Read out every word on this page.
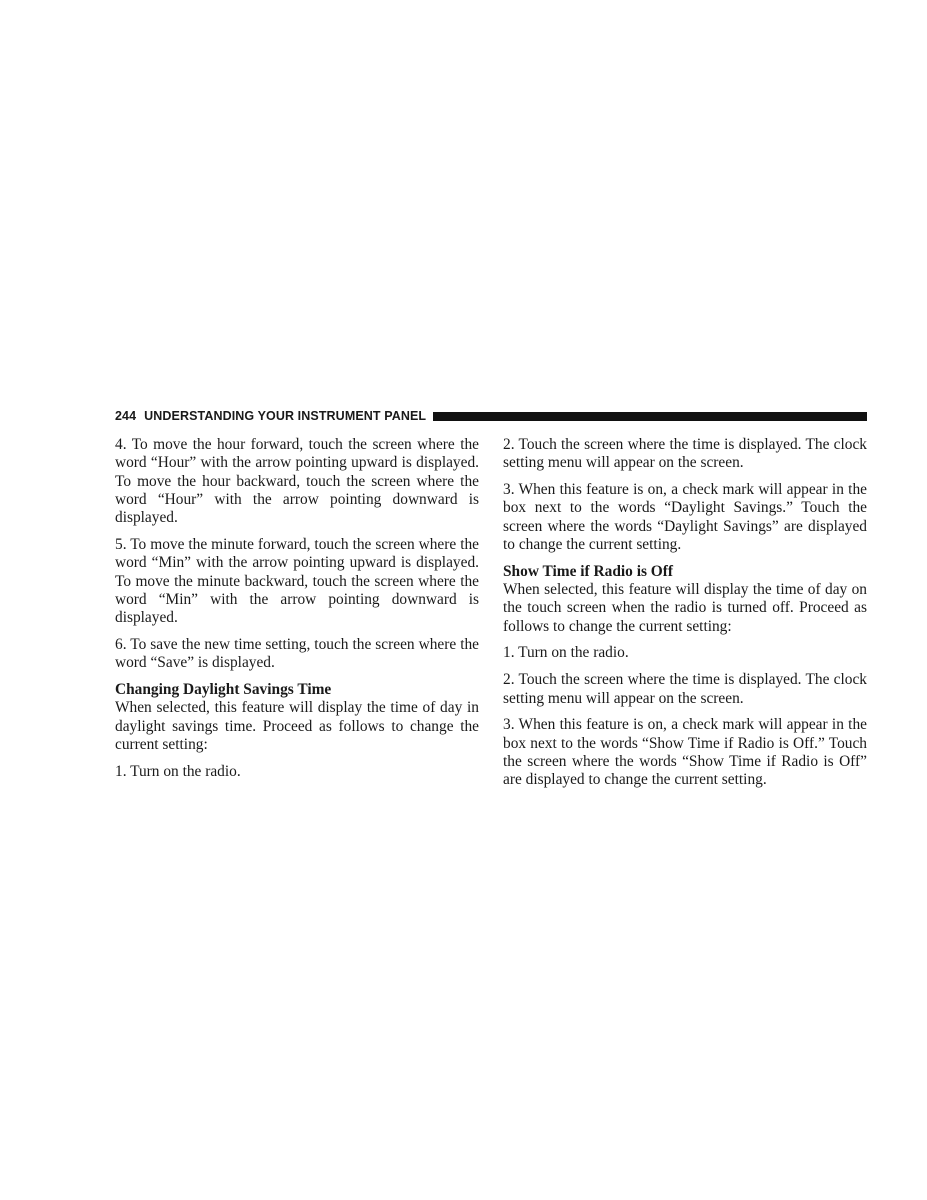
244 UNDERSTANDING YOUR INSTRUMENT PANEL

4. To move the hour forward, touch the screen where the word “Hour” with the arrow pointing upward is displayed. To move the hour backward, touch the screen where the word “Hour” with the arrow pointing downward is displayed.

5. To move the minute forward, touch the screen where the word “Min” with the arrow pointing upward is displayed. To move the minute backward, touch the screen where the word “Min” with the arrow pointing downward is displayed.

6. To save the new time setting, touch the screen where the word “Save” is displayed.

Changing Daylight Savings Time

When selected, this feature will display the time of day in daylight savings time. Proceed as follows to change the current setting:

1. Turn on the radio.

2. Touch the screen where the time is displayed. The clock setting menu will appear on the screen.

3. When this feature is on, a check mark will appear in the box next to the words “Daylight Savings.” Touch the screen where the words “Daylight Savings” are displayed to change the current setting.

Show Time if Radio is Off

When selected, this feature will display the time of day on the touch screen when the radio is turned off. Proceed as follows to change the current setting:

1. Turn on the radio.

2. Touch the screen where the time is displayed. The clock setting menu will appear on the screen.

3. When this feature is on, a check mark will appear in the box next to the words “Show Time if Radio is Off.” Touch the screen where the words “Show Time if Radio is Off” are displayed to change the current setting.
